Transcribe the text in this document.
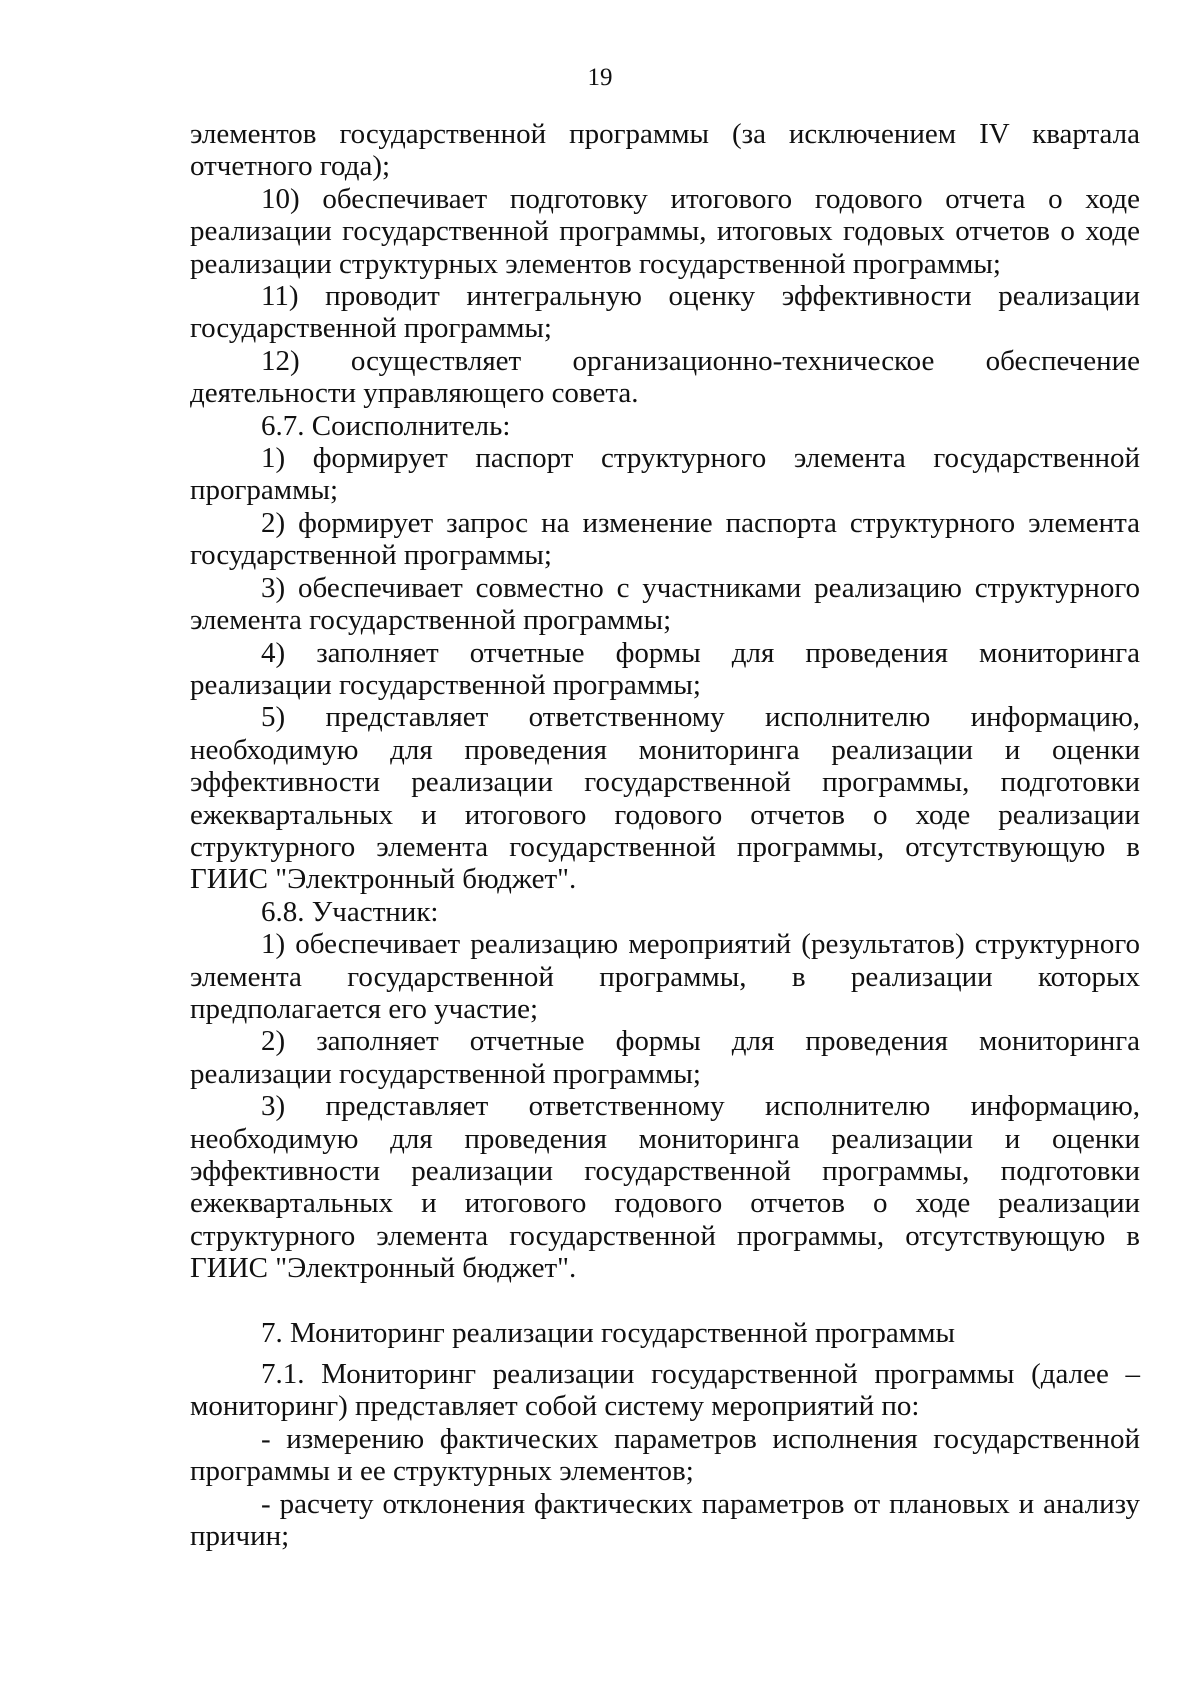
19

элементов государственной программы (за исключением IV квартала отчетного года);

10) обеспечивает подготовку итогового годового отчета о ходе реализации государственной программы, итоговых годовых отчетов о ходе реализации структурных элементов государственной программы;

11) проводит интегральную оценку эффективности реализации государственной программы;

12) осуществляет организационно-техническое обеспечение деятельности управляющего совета.

6.7. Соисполнитель:

1) формирует паспорт структурного элемента государственной программы;

2) формирует запрос на изменение паспорта структурного элемента государственной программы;

3) обеспечивает совместно с участниками реализацию структурного элемента государственной программы;

4) заполняет отчетные формы для проведения мониторинга реализации государственной программы;

5) представляет ответственному исполнителю информацию, необходимую для проведения мониторинга реализации и оценки эффективности реализации государственной программы, подготовки ежеквартальных и итогового годового отчетов о ходе реализации структурного элемента государственной программы, отсутствующую в ГИИС "Электронный бюджет".

6.8. Участник:

1) обеспечивает реализацию мероприятий (результатов) структурного элемента государственной программы, в реализации которых предполагается его участие;

2) заполняет отчетные формы для проведения мониторинга реализации государственной программы;

3) представляет ответственному исполнителю информацию, необходимую для проведения мониторинга реализации и оценки эффективности реализации государственной программы, подготовки ежеквартальных и итогового годового отчетов о ходе реализации структурного элемента государственной программы, отсутствующую в ГИИС "Электронный бюджет".

7. Мониторинг реализации государственной программы

7.1. Мониторинг реализации государственной программы (далее – мониторинг) представляет собой систему мероприятий по:

- измерению фактических параметров исполнения государственной программы и ее структурных элементов;

- расчету отклонения фактических параметров от плановых и анализу причин;
